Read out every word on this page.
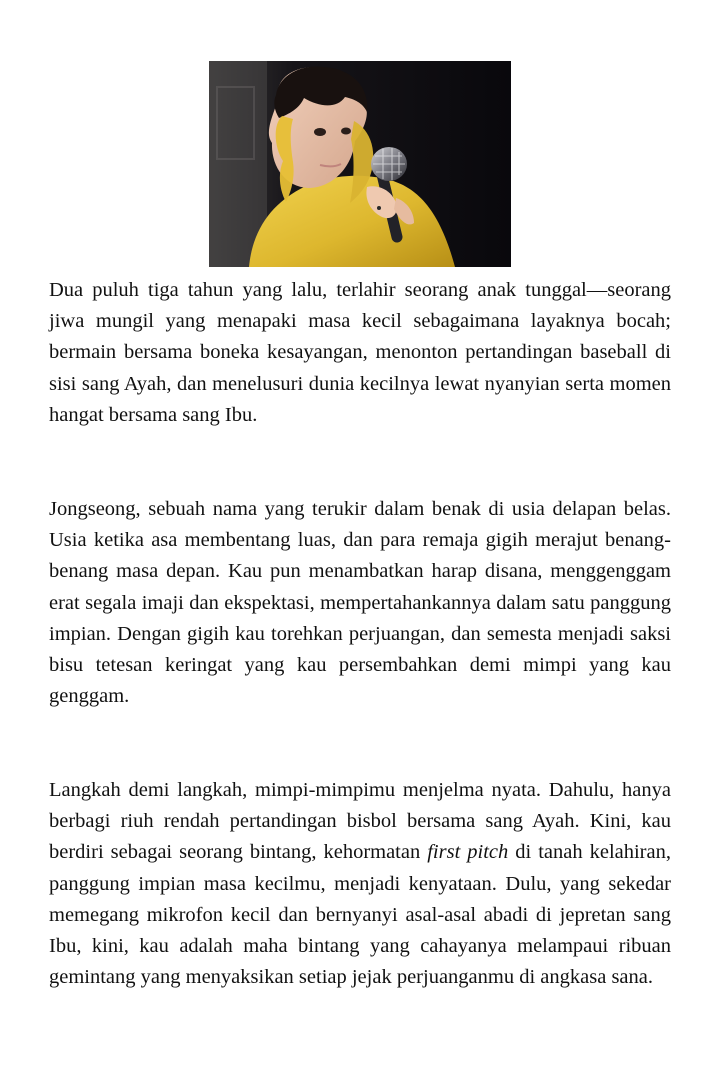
Dua puluh tiga tahun yang lalu, terlahir seorang anak tunggal—seorang jiwa mungil yang menapaki masa kecil sebagaimana layaknya bocah; bermain bersama boneka kesayangan, menonton pertandingan baseball di sisi sang Ayah, dan menelusuri dunia kecilnya lewat nyanyian serta momen hangat bersama sang Ibu.

Jongseong, sebuah nama yang terukir dalam benak di usia delapan belas. Usia ketika asa membentang luas, dan para remaja gigih merajut benang-benang masa depan. Kau pun menambatkan harap disana, menggenggam erat segala imaji dan ekspektasi, mempertahankannya dalam satu panggung impian. Dengan gigih kau torehkan perjuangan, dan semesta menjadi saksi bisu tetesan keringat yang kau persembahkan demi mimpi yang kau genggam.

Langkah demi langkah, mimpi-mimpimu menjelma nyata. Dahulu, hanya berbagi riuh rendah pertandingan bisbol bersama sang Ayah. Kini, kau berdiri sebagai seorang bintang, kehormatan first pitch di tanah kelahiran, panggung impian masa kecilmu, menjadi kenyataan. Dulu, yang sekedar memegang mikrofon kecil dan bernyanyi asal-asal abadi di jepretan sang Ibu, kini, kau adalah maha bintang yang cahayanya melampaui ribuan gemintang yang menyaksikan setiap jejak perjuanganmu di angkasa sana.
